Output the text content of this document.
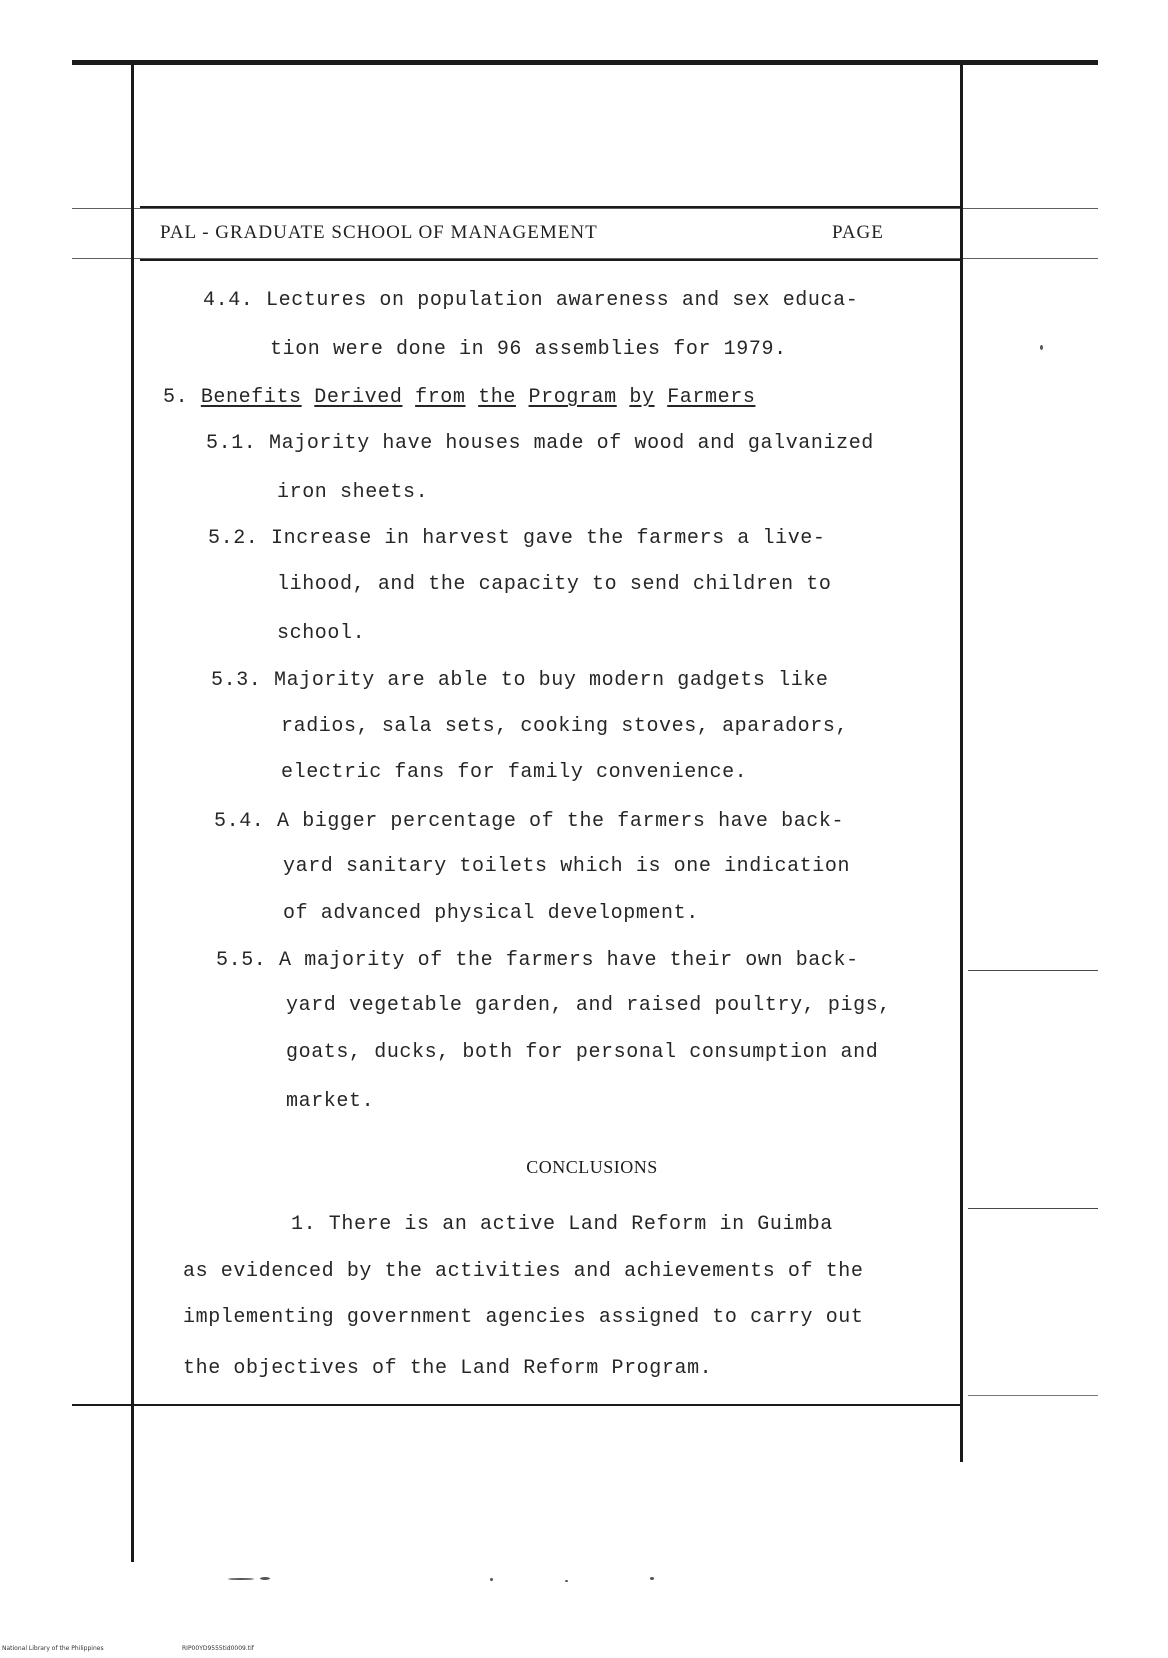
PAL - GRADUATE SCHOOL OF MANAGEMENT	PAGE
4.4. Lectures on population awareness and sex educa-
tion were done in 96 assemblies for 1979.
5. Benefits Derived from the Program by Farmers
5.1. Majority have houses made of wood and galvanized
iron sheets.
5.2. Increase in harvest gave the farmers a live-
lihood, and the capacity to send children to
school.
5.3. Majority are able to buy modern gadgets like
radios, sala sets, cooking stoves, aparadors,
electric fans for family convenience.
5.4. A bigger percentage of the farmers have back-
yard sanitary toilets which is one indication
of advanced physical development.
5.5. A majority of the farmers have their own back-
yard vegetable garden, and raised poultry, pigs,
goats, ducks, both for personal consumption and
market.
CONCLUSIONS
1. There is an active Land Reform in Guimba
as evidenced by the activities and achievements of the
implementing government agencies assigned to carry out
the objectives of the Land Reform Program.
National Library of the Philippines	RIP00YD9555tid0009.tif
